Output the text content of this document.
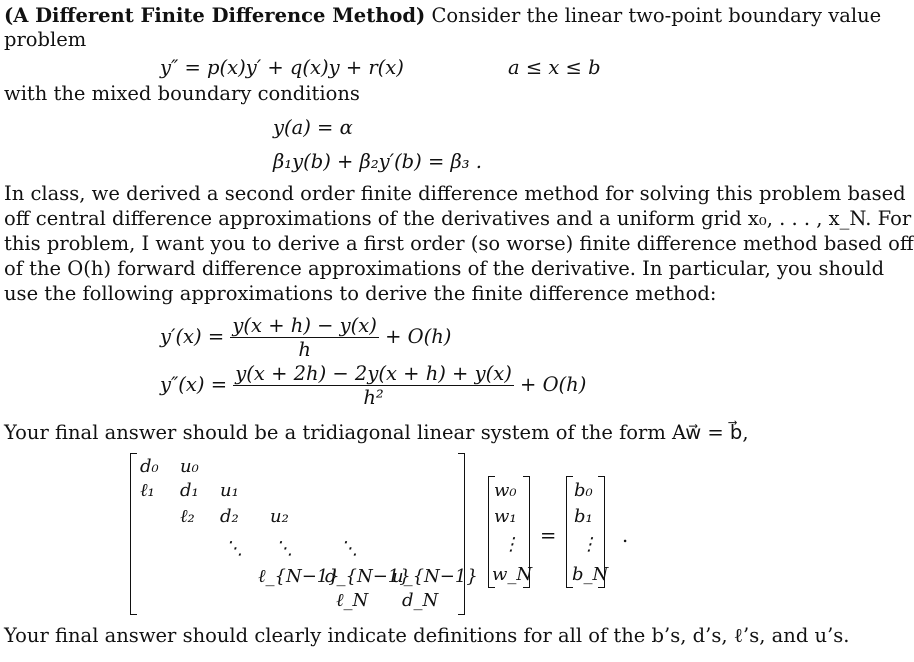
(A Different Finite Difference Method) Consider the linear two-point boundary value
problem
y″ = p(x)y′ + q(x)y + r(x)	a ≤ x ≤ b
with the mixed boundary conditions
y(a) = α
β₁y(b) + β₂y′(b) = β₃ .
In class, we derived a second order finite difference method for solving this problem based
off central difference approximations of the derivatives and a uniform grid x₀, . . . , x_N. For
this problem, I want you to derive a first order (so worse) finite difference method based off
of the O(h) forward difference approximations of the derivative. In particular, you should
use the following approximations to derive the finite difference method:
$y'(x) = \frac{y(x + h) - y(x)}{h} + O(h)$
$y''(x) = \frac{y(x + 2h) - 2y(x + h) + y(x)}{\text{h²}} + O(h)$
Your final answer should be a tridiagonal linear system of the form Aw⃗ = b⃗,
d₀ u₀
ℓ₁ d₁ u₁
ℓ₂ d₂ u₂
⋱ ⋱	⋱
ℓ_{N−1}
d_{N−1}
u_{N−1}
ℓ_N d_N
w₀
w₁
⋮
w_N
=
b₀
b₁
⋮
b_N
.
Your final answer should clearly indicate definitions for all of the b’s, d’s, ℓ’s, and u’s.
